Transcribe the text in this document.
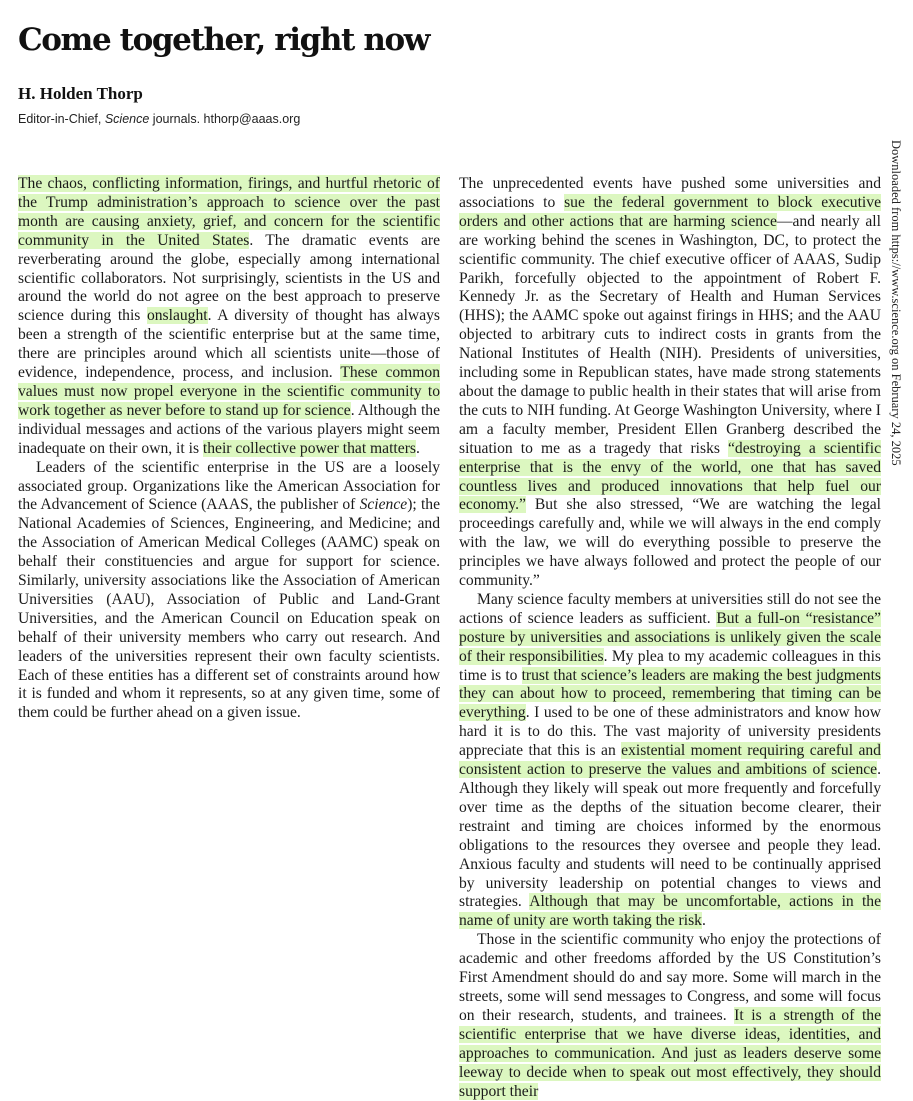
Come together, right now
H. Holden Thorp
Editor-in-Chief, Science journals. hthorp@aaas.org

The chaos, conflicting information, firings, and hurtful rhetoric of the Trump administration’s approach to science over the past month are causing anxiety, grief, and concern for the scientific community in the United States. The dramatic events are reverberating around the globe, especially among international scientific collaborators. Not surprisingly, scientists in the US and around the world do not agree on the best approach to preserve science during this onslaught. A diversity of thought has always been a strength of the scientific enterprise but at the same time, there are principles around which all scientists unite—those of evidence, independence, process, and inclusion. These common values must now propel everyone in the scientific community to work together as never before to stand up for science. Although the individual messages and actions of the various players might seem inadequate on their own, it is their collective power that matters.

Leaders of the scientific enterprise in the US are a loosely associated group. Organizations like the American Association for the Advancement of Science (AAAS, the publisher of Science); the National Academies of Sciences, Engineering, and Medicine; and the Association of American Medical Colleges (AAMC) speak on behalf their constituencies and argue for support for science. Similarly, university associations like the Association of American Universities (AAU), Association of Public and Land-Grant Universities, and the American Council on Education speak on behalf of their university members who carry out research. And leaders of the universities represent their own faculty scientists. Each of these entities has a different set of constraints around how it is funded and whom it represents, so at any given time, some of them could be further ahead on a given issue.

The unprecedented events have pushed some universities and associations to sue the federal government to block executive orders and other actions that are harming science—and nearly all are working behind the scenes in Washington, DC, to protect the scientific community. The chief executive officer of AAAS, Sudip Parikh, forcefully objected to the appointment of Robert F. Kennedy Jr. as the Secretary of Health and Human Services (HHS); the AAMC spoke out against firings in HHS; and the AAU objected to arbitrary cuts to indirect costs in grants from the National Institutes of Health (NIH). Presidents of universities, including some in Republican states, have made strong statements about the damage to public health in their states that will arise from the cuts to NIH funding. At George Washington University, where I am a faculty member, President Ellen Granberg described the situation to me as a tragedy that risks “destroying a scientific enterprise that is the envy of the world, one that has saved countless lives and produced innovations that help fuel our economy.” But she also stressed, “We are watching the legal proceedings carefully and, while we will always in the end comply with the law, we will do everything possible to preserve the principles we have always followed and protect the people of our community.”

Many science faculty members at universities still do not see the actions of science leaders as sufficient. But a full-on “resistance” posture by universities and associations is unlikely given the scale of their responsibilities. My plea to my academic colleagues in this time is to trust that science’s leaders are making the best judgments they can about how to proceed, remembering that timing can be everything. I used to be one of these administrators and know how hard it is to do this. The vast majority of university presidents appreciate that this is an existential moment requiring careful and consistent action to preserve the values and ambitions of science. Although they likely will speak out more frequently and forcefully over time as the depths of the situation become clearer, their restraint and timing are choices informed by the enormous obligations to the resources they oversee and people they lead. Anxious faculty and students will need to be continually apprised by university leadership on potential changes to views and strategies. Although that may be uncomfortable, actions in the name of unity are worth taking the risk.

Those in the scientific community who enjoy the protections of academic and other freedoms afforded by the US Constitution’s First Amendment should do and say more. Some will march in the streets, some will send messages to Congress, and some will focus on their research, students, and trainees. It is a strength of the scientific enterprise that we have diverse ideas, identities, and approaches to communication. And just as leaders deserve some leeway to decide when to speak out most effectively, they should support their

Downloaded from https://www.science.org on February 24, 2025
